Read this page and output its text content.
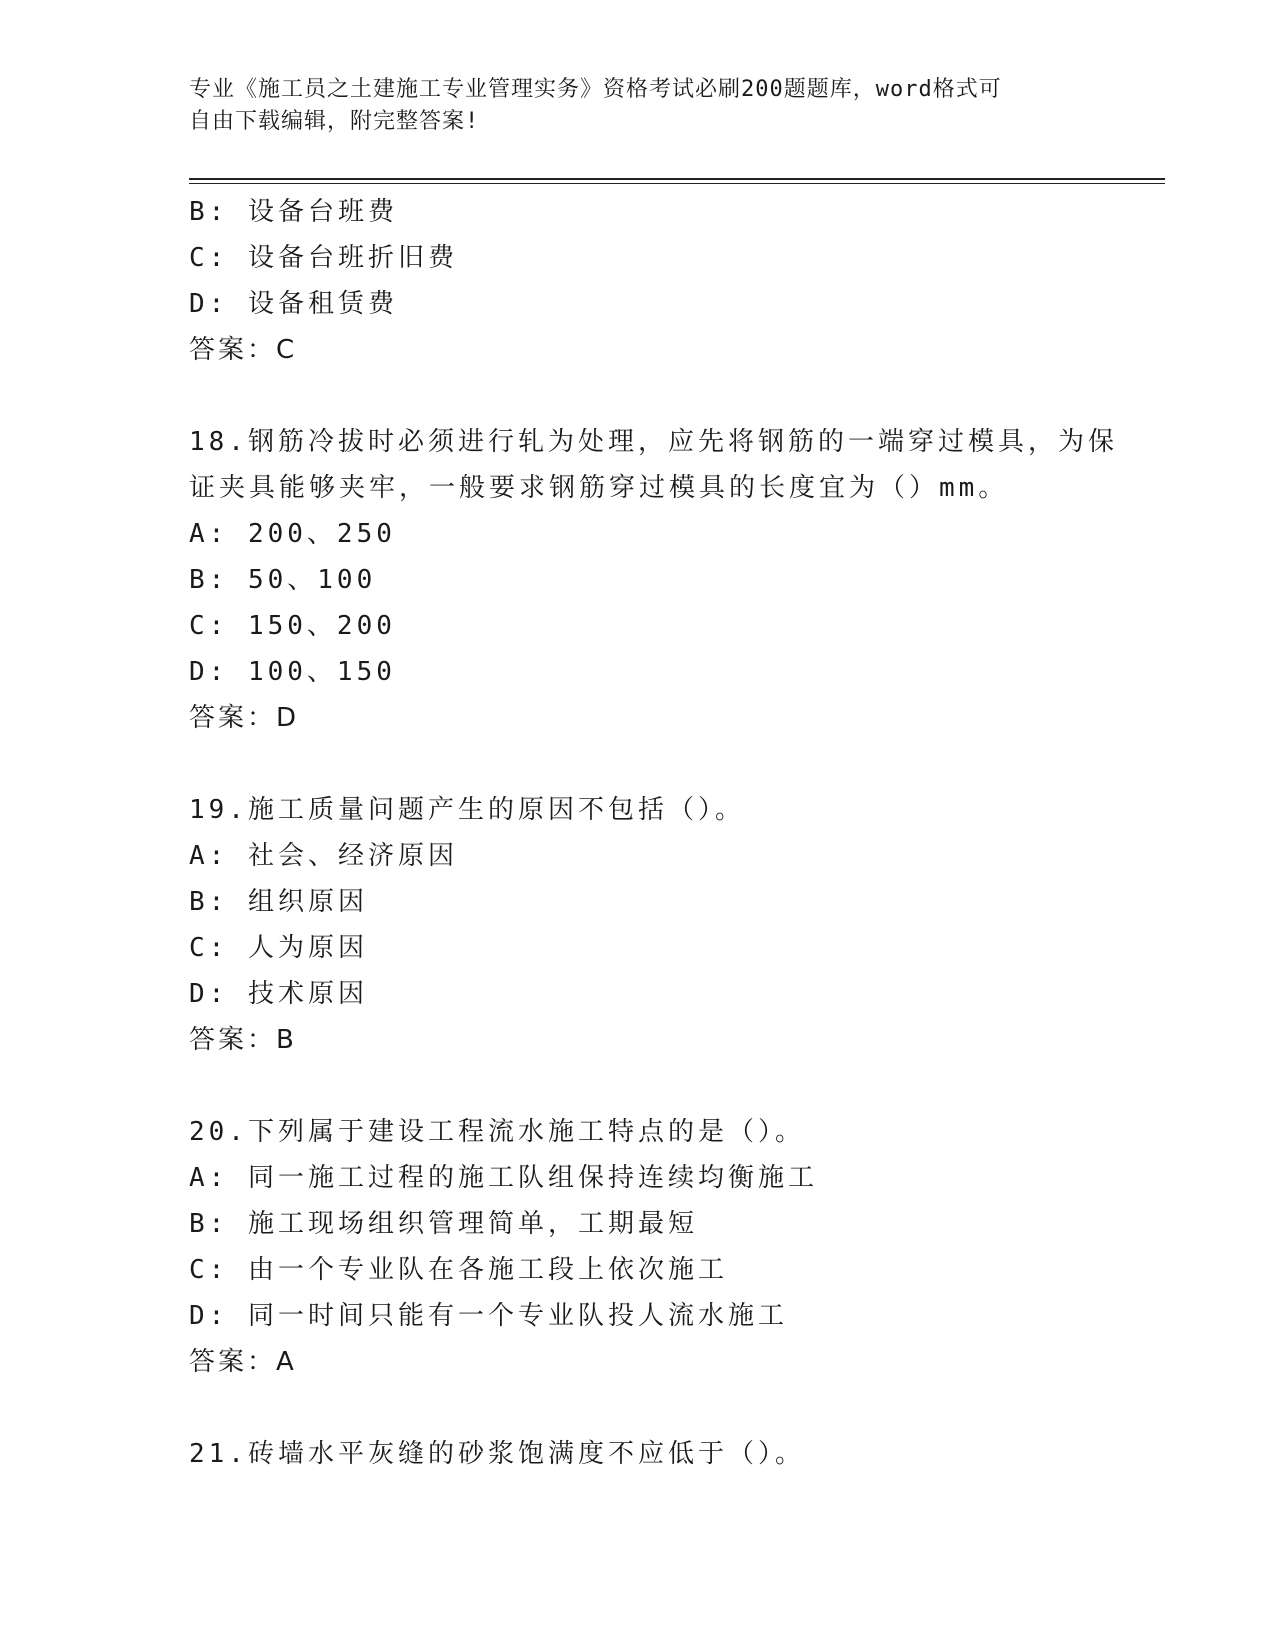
专业《施工员之土建施工专业管理实务》资格考试必刷200题题库，word格式可
自由下载编辑，附完整答案!
B: 设备台班费
C: 设备台班折旧费
D: 设备租赁费
答案：C
18.钢筋冷拔时必须进行轧为处理，应先将钢筋的一端穿过模具，为保
证夹具能够夹牢，一般要求钢筋穿过模具的长度宜为（）mm。
A: 200、250
B: 50、100
C: 150、200
D: 100、150
答案：D
19.施工质量问题产生的原因不包括（）。
A: 社会、经济原因
B: 组织原因
C: 人为原因
D: 技术原因
答案：B
20.下列属于建设工程流水施工特点的是（）。
A: 同一施工过程的施工队组保持连续均衡施工
B: 施工现场组织管理简单，工期最短
C: 由一个专业队在各施工段上依次施工
D: 同一时间只能有一个专业队投人流水施工
答案：A
21.砖墙水平灰缝的砂浆饱满度不应低于（）。
